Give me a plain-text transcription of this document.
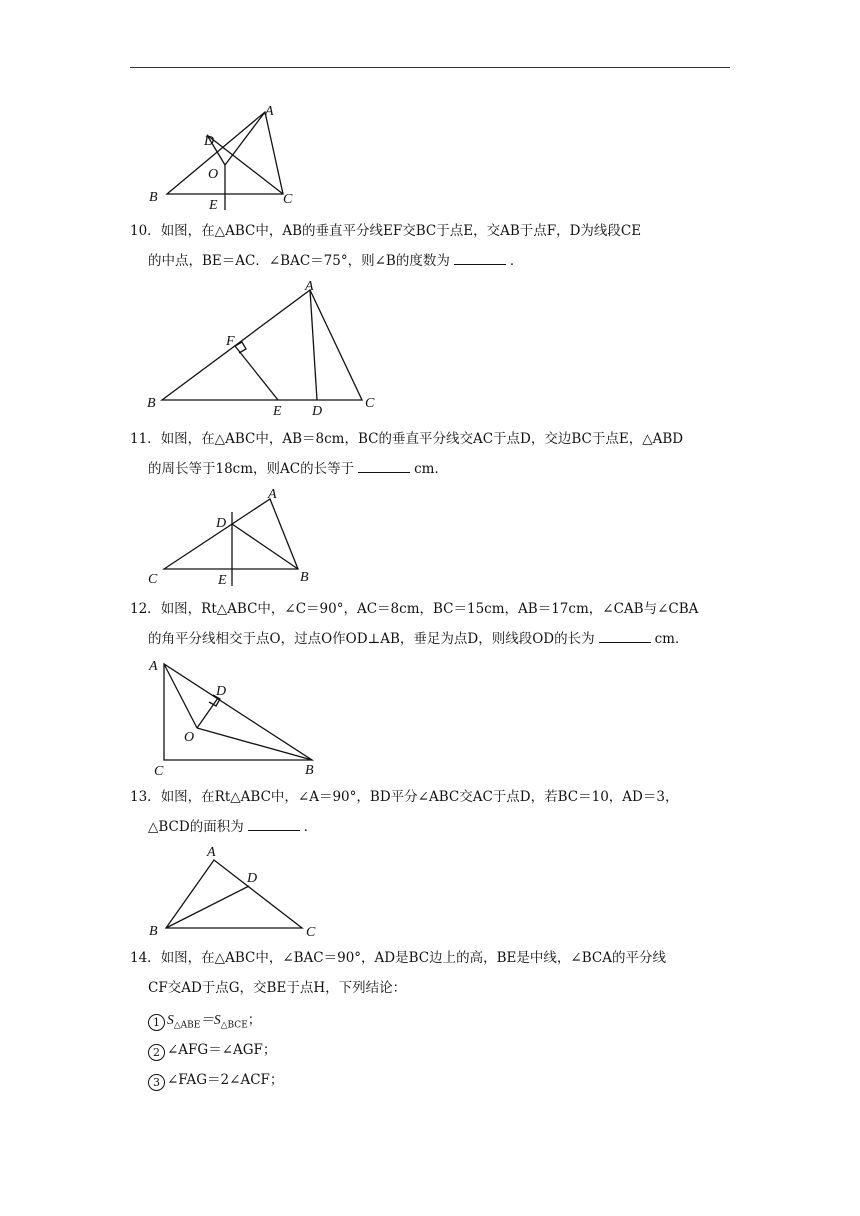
A
B	C
D
O
E
10．如图，在△ABC中，AB的垂直平分线EF交BC于点E，交AB于点F，D为线段CE
的中点，BE＝AC．∠BAC＝75°，则∠B的度数为	．
A
B	C
D
E
F
11．如图，在△ABC中，AB＝8cm，BC的垂直平分线交AC于点D，交边BC于点E，△ABD
的周长等于18cm，则AC的长等于	cm．
A
B
C
D
E
12．如图，Rt△ABC中，∠C＝90°，AC＝8cm，BC＝15cm，AB＝17cm，∠CAB与∠CBA
的角平分线相交于点O，过点O作OD⊥AB，垂足为点D，则线段OD的长为	cm．
A
B
C
D
O
13．如图，在Rt△ABC中，∠A＝90°，BD平分∠ABC交AC于点D，若BC＝10，AD＝3，
△BCD的面积为	．
A
B	C
D
14．如图，在△ABC中，∠BAC＝90°，AD是BC边上的高，BE是中线，∠BCA的平分线
CF交AD于点G，交BE于点H，下列结论：
1 $S_{\triangle ABE}=S_{\triangle BCE}$；
2 ∠AFG＝∠AGF；
3 ∠FAG＝2∠ACF；
